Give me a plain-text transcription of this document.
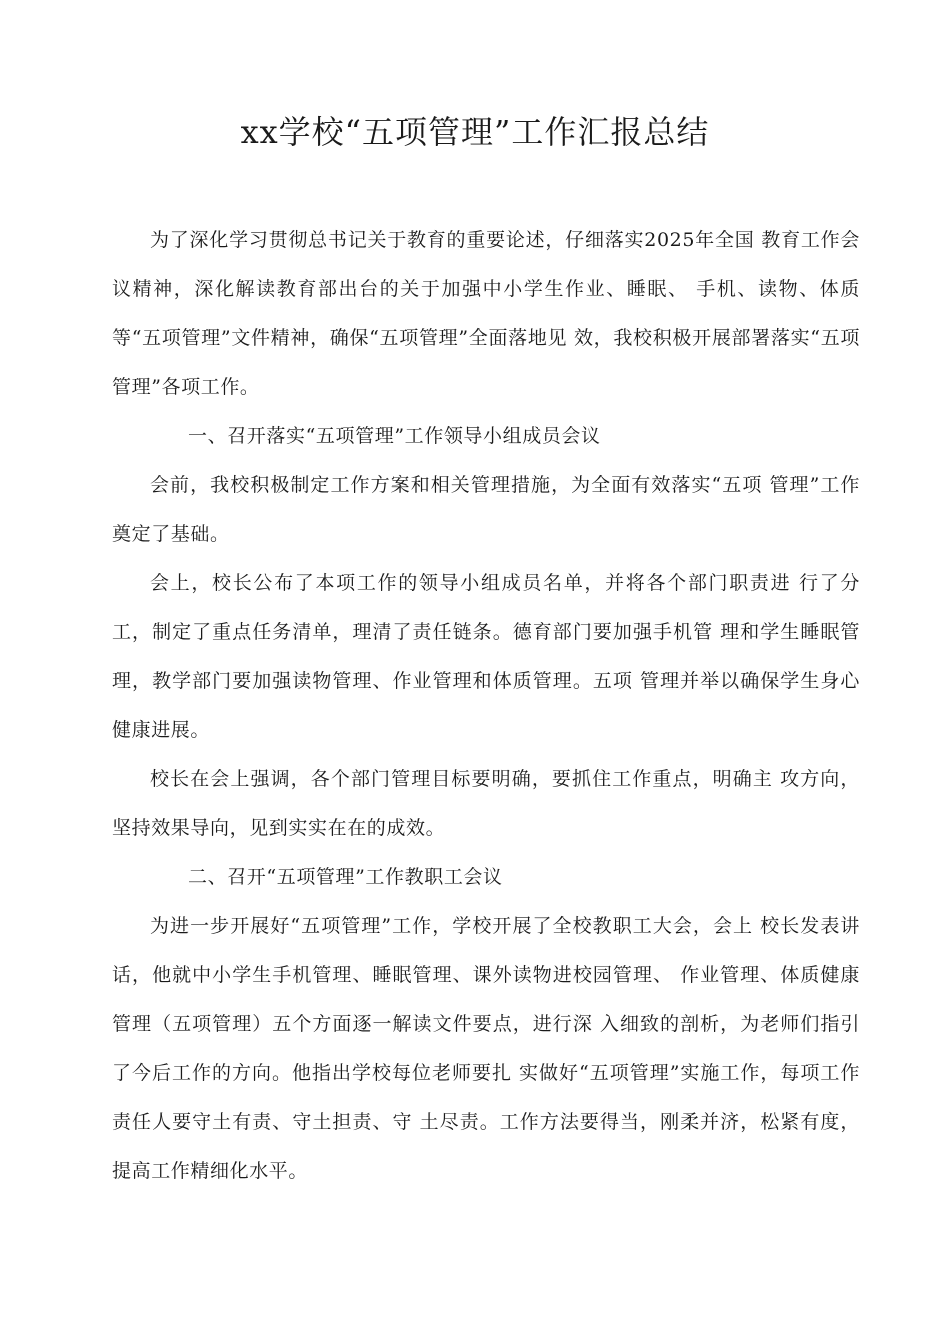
xx学校“五项管理”工作汇报总结

为了深化学习贯彻总书记关于教育的重要论述，仔细落实2025年全国 教育工作会议精神，深化解读教育部出台的关于加强中小学生作业、睡眠、 手机、读物、体质等“五项管理”文件精神，确保“五项管理”全面落地见 效，我校积极开展部署落实“五项管理”各项工作。

一、召开落实“五项管理”工作领导小组成员会议

会前，我校积极制定工作方案和相关管理措施，为全面有效落实“五项 管理”工作奠定了基础。

会上，校长公布了本项工作的领导小组成员名单，并将各个部门职责进 行了分工，制定了重点任务清单，理清了责任链条。德育部门要加强手机管 理和学生睡眠管理，教学部门要加强读物管理、作业管理和体质管理。五项 管理并举以确保学生身心健康进展。

校长在会上强调，各个部门管理目标要明确，要抓住工作重点，明确主 攻方向，坚持效果导向，见到实实在在的成效。

二、召开“五项管理”工作教职工会议

为进一步开展好“五项管理”工作，学校开展了全校教职工大会，会上 校长发表讲话，他就中小学生手机管理、睡眠管理、课外读物进校园管理、 作业管理、体质健康管理（五项管理）五个方面逐一解读文件要点，进行深 入细致的剖析，为老师们指引了今后工作的方向。他指出学校每位老师要扎 实做好“五项管理”实施工作，每项工作责任人要守土有责、守土担责、守 土尽责。工作方法要得当，刚柔并济，松紧有度，提高工作精细化水平。
